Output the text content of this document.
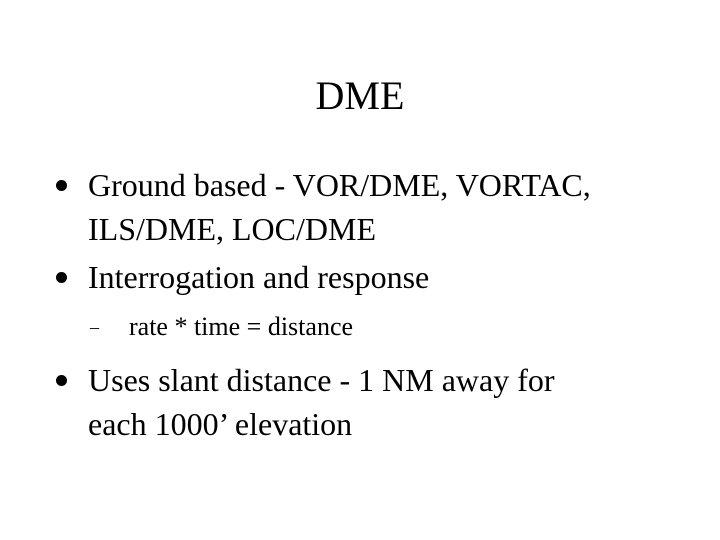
DME
Ground based - VOR/DME, VORTAC,
ILS/DME, LOC/DME
Interrogation and response
– rate * time = distance
Uses slant distance - 1 NM away for
each 1000’ elevation
